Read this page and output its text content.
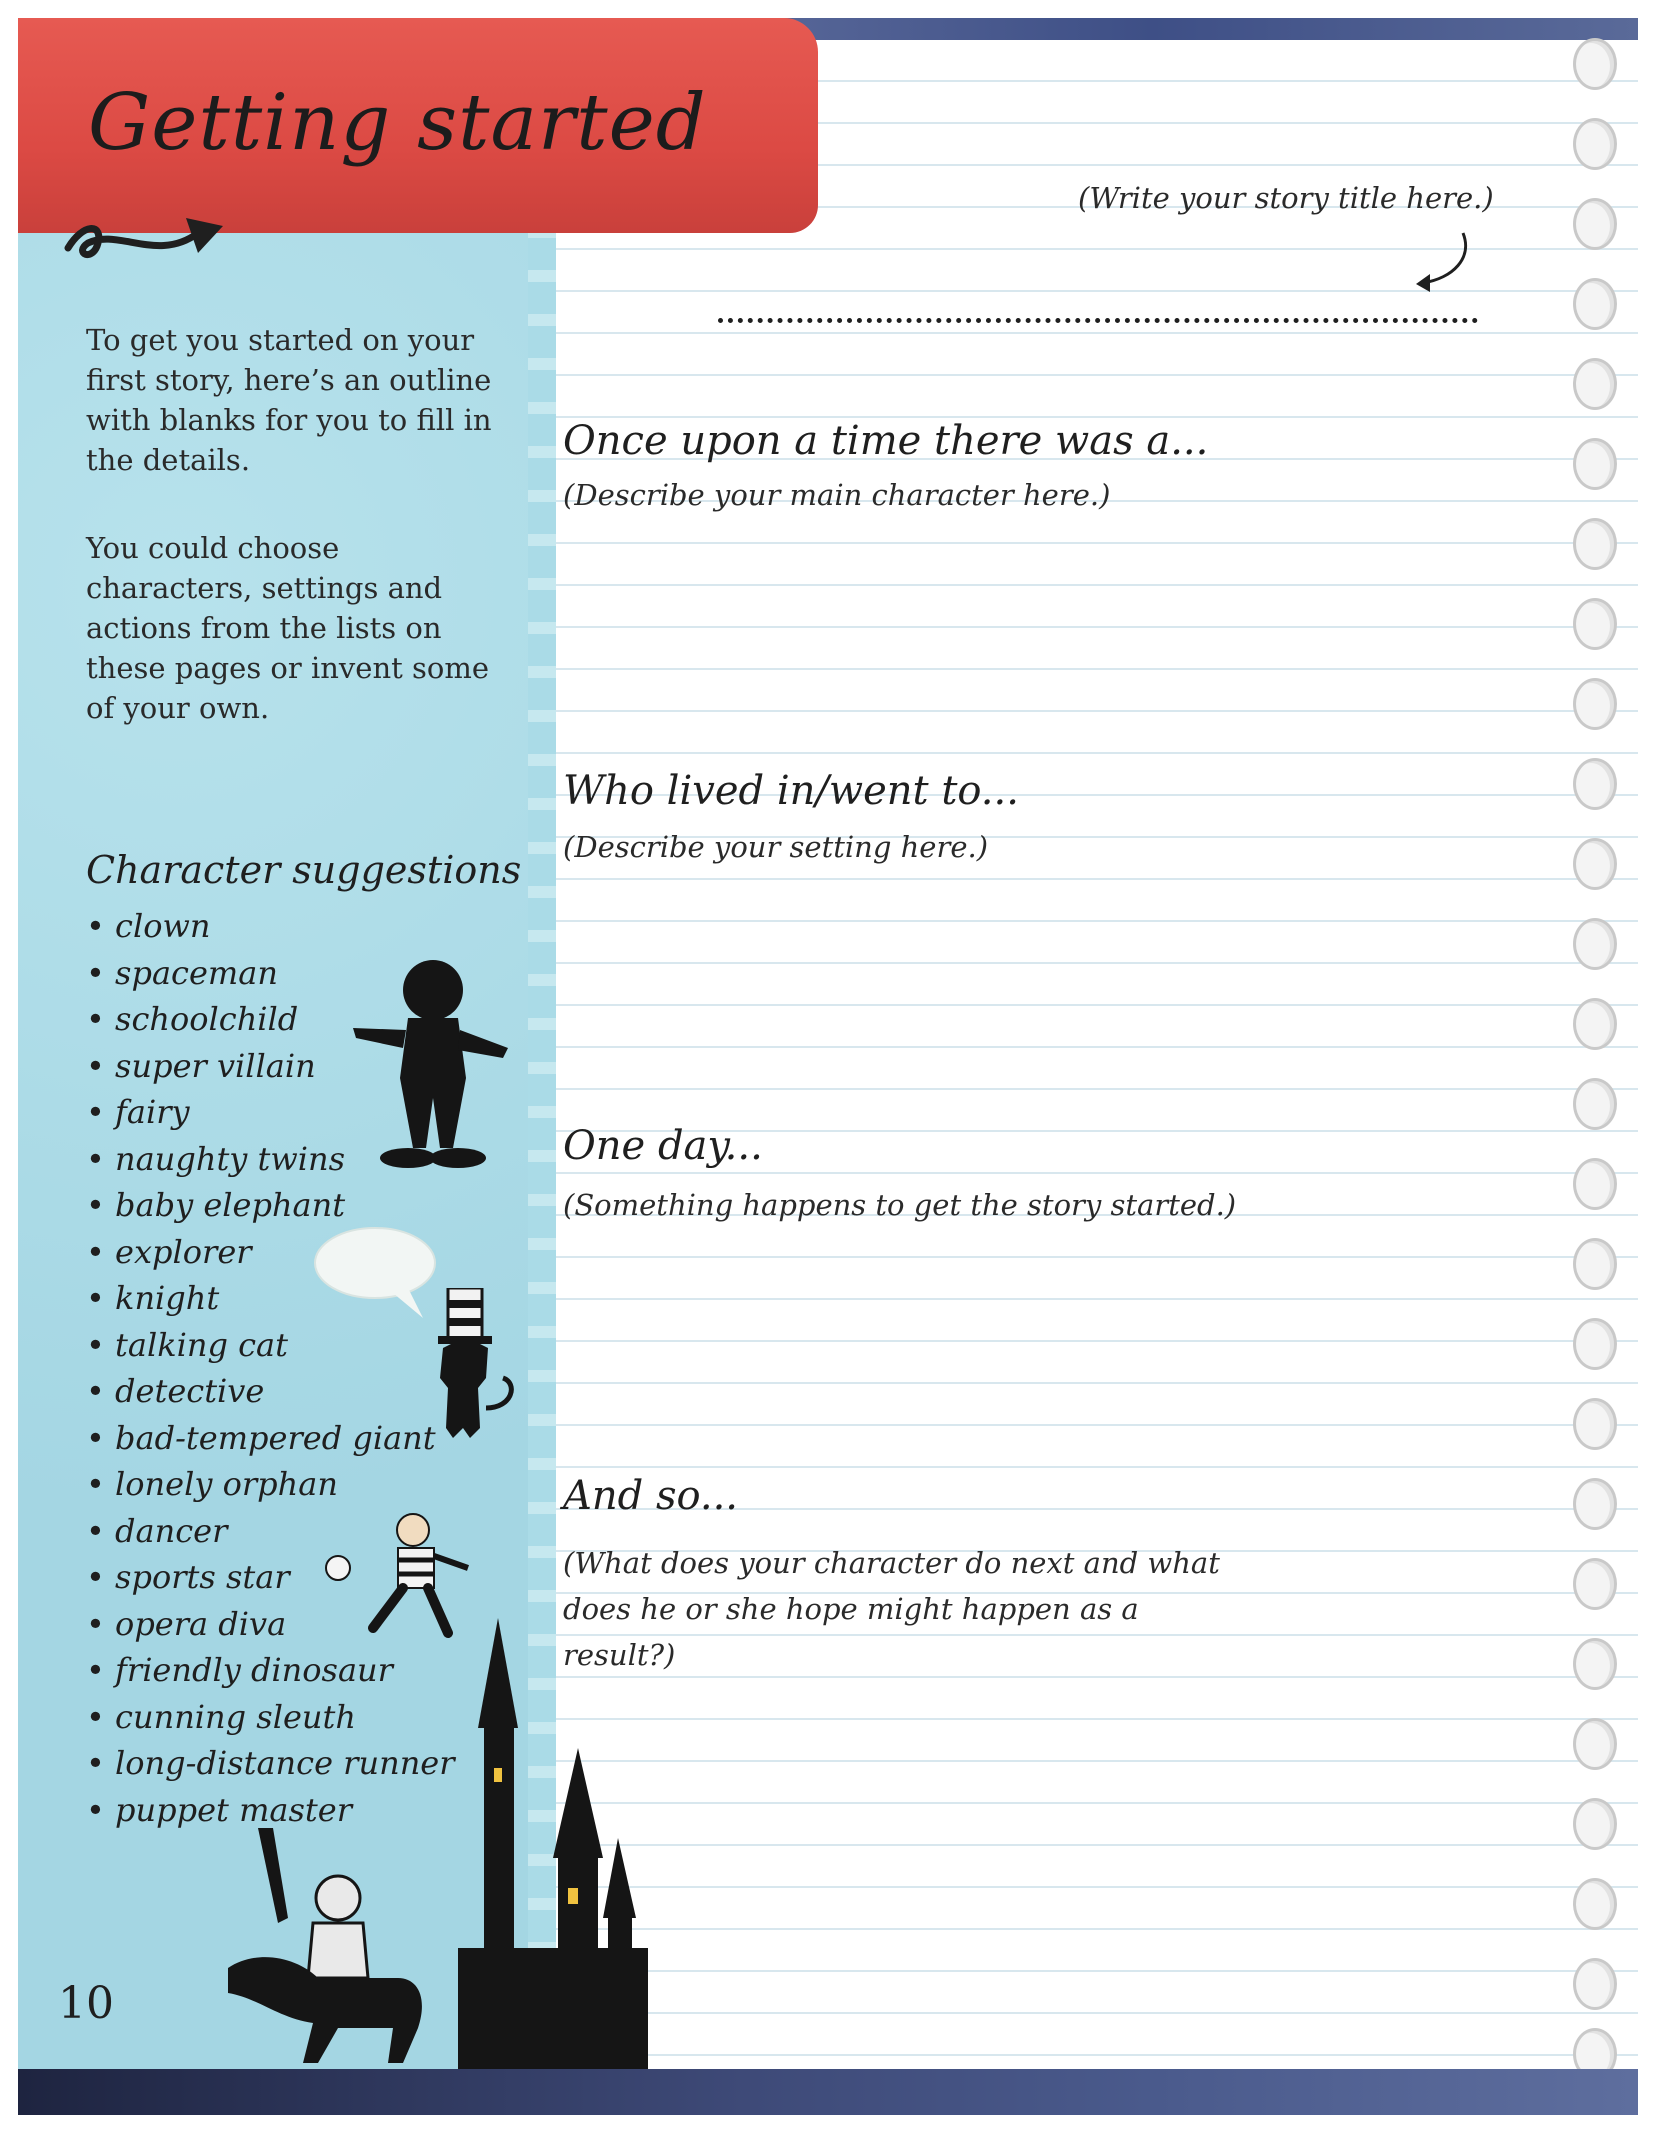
Getting started

To get you started on your first story, here’s an outline with blanks for you to fill in the details.

You could choose characters, settings and actions from the lists on these pages or invent some of your own.

Character suggestions
• clown
• spaceman
• schoolchild
• super villain
• fairy
• naughty twins
• baby elephant
• explorer
• knight
• talking cat
• detective
• bad-tempered giant
• lonely orphan
• dancer
• sports star
• opera diva
• friendly dinosaur
• cunning sleuth
• long-distance runner
• puppet master
10
(Write your story title here.)
Once upon a time there was a...
(Describe your main character here.)
Who lived in/went to...
(Describe your setting here.)
One day...
(Something happens to get the story started.)
And so...
(What does your character do next and what does he or she hope might happen as a result?)
